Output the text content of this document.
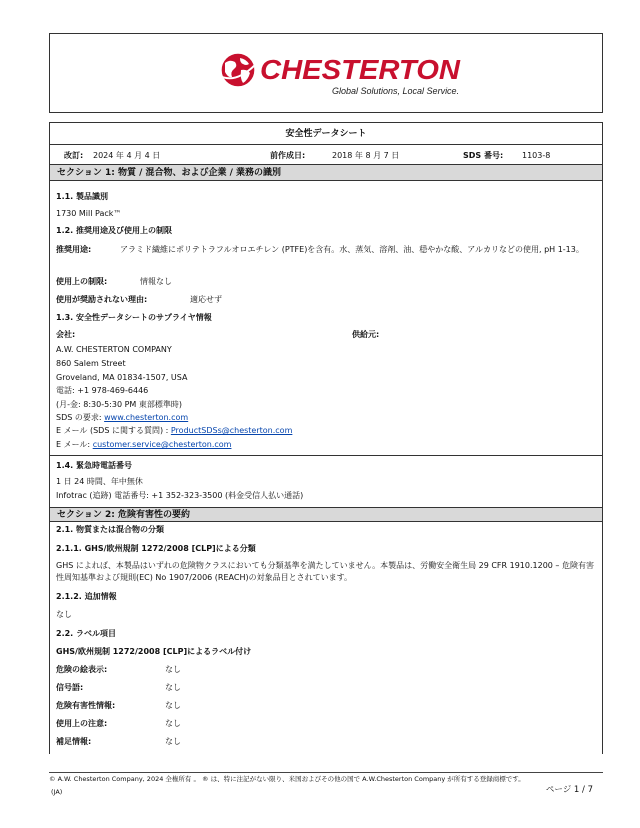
CHESTERTON
Global Solutions, Local Service.
安全性データシート
改訂: 2024 年 4 月 4 日	前作成日:	2018 年 8 月 7 日	SDS 番号: 1103-8
セクション 1: 物質 / 混合物、および企業 / 業務の識別
1.1. 製品識別
1730 Mill Pack™
1.2. 推奨用途及び使用上の制限
推奨用途:	アラミド繊維にポリテトラフルオロエチレン (PTFE)を含有。水、蒸気、溶剤、油、穏やかな酸、アルカリなどの使用, pH 1-13。
使用上の制限:	情報なし
使用が奨励されない理由:	適応せず
1.3. 安全性データシートのサプライヤ情報
会社:	供給元:
A.W. CHESTERTON COMPANY
860 Salem Street
Groveland, MA 01834-1507, USA
電話: +1 978-469-6446
(月-金: 8:30-5:30 PM 東部標準時)
SDS の要求: www.chesterton.com
E メール (SDS に関する質問) : ProductSDSs@chesterton.com
E メール: customer.service@chesterton.com
1.4. 緊急時電話番号
1 日 24 時間、年中無休
Infotrac (追跡) 電話番号: +1 352-323-3500 (料金受信人払い通話)
セクション 2: 危険有害性の要約
2.1. 物質または混合物の分類
2.1.1. GHS/欧州規制 1272/2008 [CLP]による分類
GHS によれば、本製品はいずれの危険物クラスにおいても分類基準を満たしていません。本製品は、労働安全衛生局 29 CFR 1910.1200 – 危険有害性周知基準および規則(EC) No 1907/2006 (REACH)の対象品目とされています。
2.1.2. 追加情報
なし
2.2. ラベル項目
GHS/欧州規制 1272/2008 [CLP]によるラベル付け
危険の絵表示:	なし
信号語:	なし
危険有害性情報:	なし
使用上の注意:	なし
補足情報:	なし
© A.W. Chesterton Company, 2024 全権所有 。 ® は、特に注記がない限り、米国およびその他の国で A.W.Chesterton Company が所有する登録商標です。
(JA)	ページ 1 / 7
